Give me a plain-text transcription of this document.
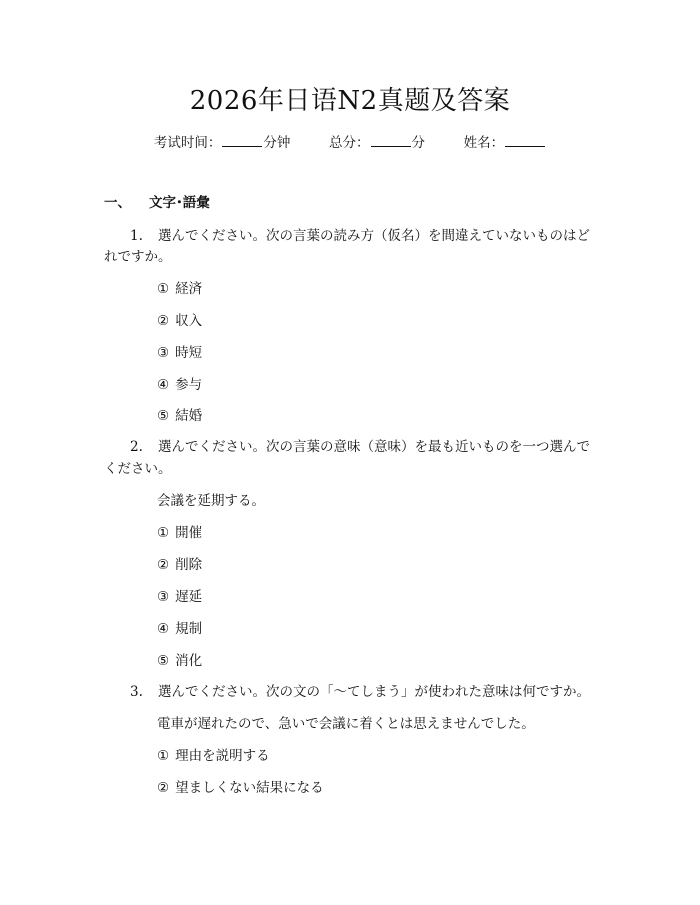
2026年日语N2真题及答案
考试时间：	分钟	总分：	分	姓名：
一、 文字･語彙
1. 選んでください。次の言葉の読み方（仮名）を間違えていないものはど
れですか。
① 経済
② 収入
③ 時短
④ 参与
⑤ 結婚
2. 選んでください。次の言葉の意味（意味）を最も近いものを一つ選んで
ください。
会議を延期する。
① 開催
② 削除
③ 遅延
④ 規制
⑤ 消化
3. 選んでください。次の文の「～てしまう」が使われた意味は何ですか。
電車が遅れたので、急いで会議に着くとは思えませんでした。
① 理由を説明する
② 望ましくない結果になる
